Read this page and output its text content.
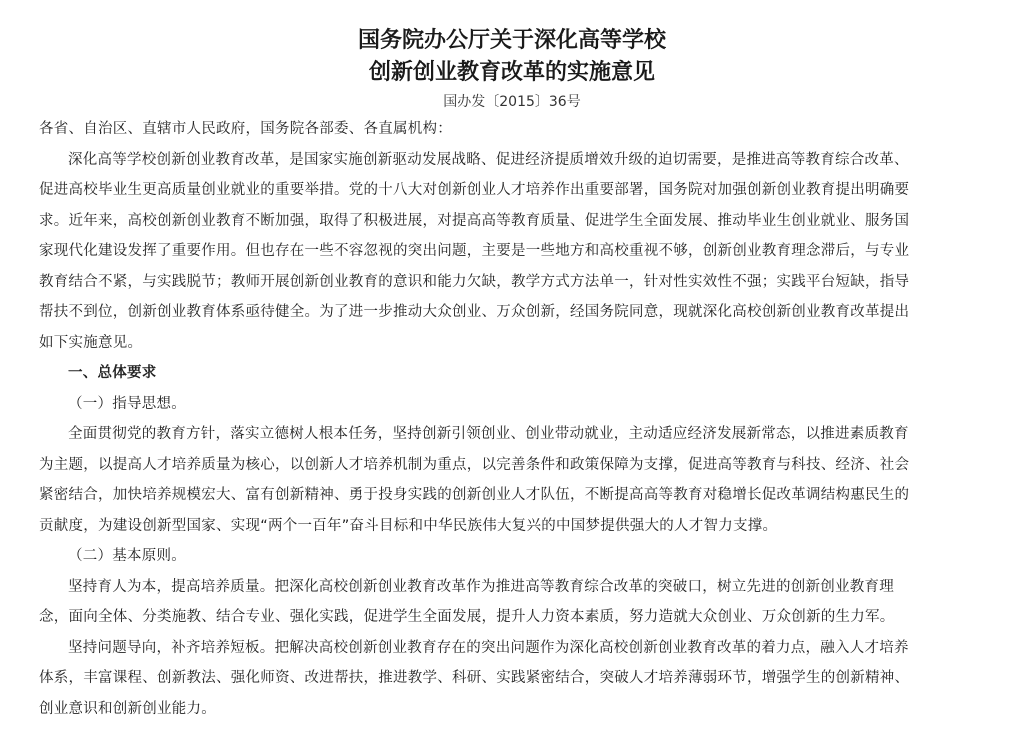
国务院办公厅关于深化高等学校
创新创业教育改革的实施意见
国办发〔2015〕36号

各省、自治区、直辖市人民政府，国务院各部委、各直属机构：

深化高等学校创新创业教育改革，是国家实施创新驱动发展战略、促进经济提质增效升级的迫切需要，是推进高等教育综合改革、

促进高校毕业生更高质量创业就业的重要举措。党的十八大对创新创业人才培养作出重要部署，国务院对加强创新创业教育提出明确要

求。近年来，高校创新创业教育不断加强，取得了积极进展，对提高高等教育质量、促进学生全面发展、推动毕业生创业就业、服务国

家现代化建设发挥了重要作用。但也存在一些不容忽视的突出问题，主要是一些地方和高校重视不够，创新创业教育理念滞后，与专业

教育结合不紧，与实践脱节；教师开展创新创业教育的意识和能力欠缺，教学方式方法单一，针对性实效性不强；实践平台短缺，指导

帮扶不到位，创新创业教育体系亟待健全。为了进一步推动大众创业、万众创新，经国务院同意，现就深化高校创新创业教育改革提出

如下实施意见。

一、总体要求

（一）指导思想。

全面贯彻党的教育方针，落实立德树人根本任务，坚持创新引领创业、创业带动就业，主动适应经济发展新常态，以推进素质教育

为主题，以提高人才培养质量为核心，以创新人才培养机制为重点，以完善条件和政策保障为支撑，促进高等教育与科技、经济、社会

紧密结合，加快培养规模宏大、富有创新精神、勇于投身实践的创新创业人才队伍，不断提高高等教育对稳增长促改革调结构惠民生的

贡献度，为建设创新型国家、实现“两个一百年”奋斗目标和中华民族伟大复兴的中国梦提供强大的人才智力支撑。

（二）基本原则。

坚持育人为本，提高培养质量。把深化高校创新创业教育改革作为推进高等教育综合改革的突破口，树立先进的创新创业教育理

念，面向全体、分类施教、结合专业、强化实践，促进学生全面发展，提升人力资本素质，努力造就大众创业、万众创新的生力军。

坚持问题导向，补齐培养短板。把解决高校创新创业教育存在的突出问题作为深化高校创新创业教育改革的着力点，融入人才培养

体系，丰富课程、创新教法、强化师资、改进帮扶，推进教学、科研、实践紧密结合，突破人才培养薄弱环节，增强学生的创新精神、

创业意识和创新创业能力。
